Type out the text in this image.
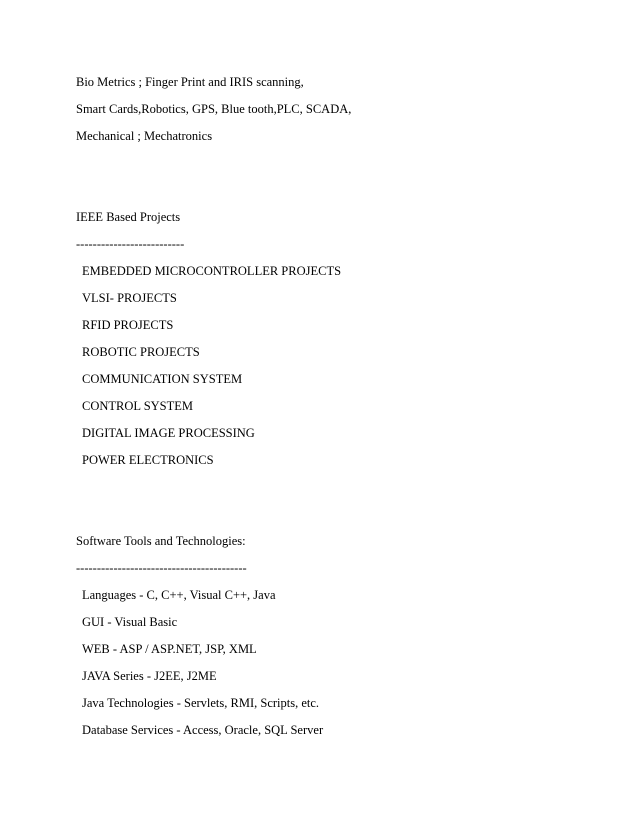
Bio Metrics ; Finger Print and IRIS scanning,
Smart Cards,Robotics, GPS, Blue tooth,PLC, SCADA,
Mechanical ; Mechatronics
IEEE Based Projects
--------------------------
EMBEDDED MICROCONTROLLER PROJECTS
VLSI- PROJECTS
RFID PROJECTS
ROBOTIC PROJECTS
COMMUNICATION SYSTEM
CONTROL SYSTEM
DIGITAL IMAGE PROCESSING
POWER ELECTRONICS
Software Tools and Technologies:
-----------------------------------------
Languages - C, C++, Visual C++, Java
GUI - Visual Basic
WEB - ASP / ASP.NET, JSP, XML
JAVA Series - J2EE, J2ME
Java Technologies - Servlets, RMI, Scripts, etc.
Database Services - Access, Oracle, SQL Server
